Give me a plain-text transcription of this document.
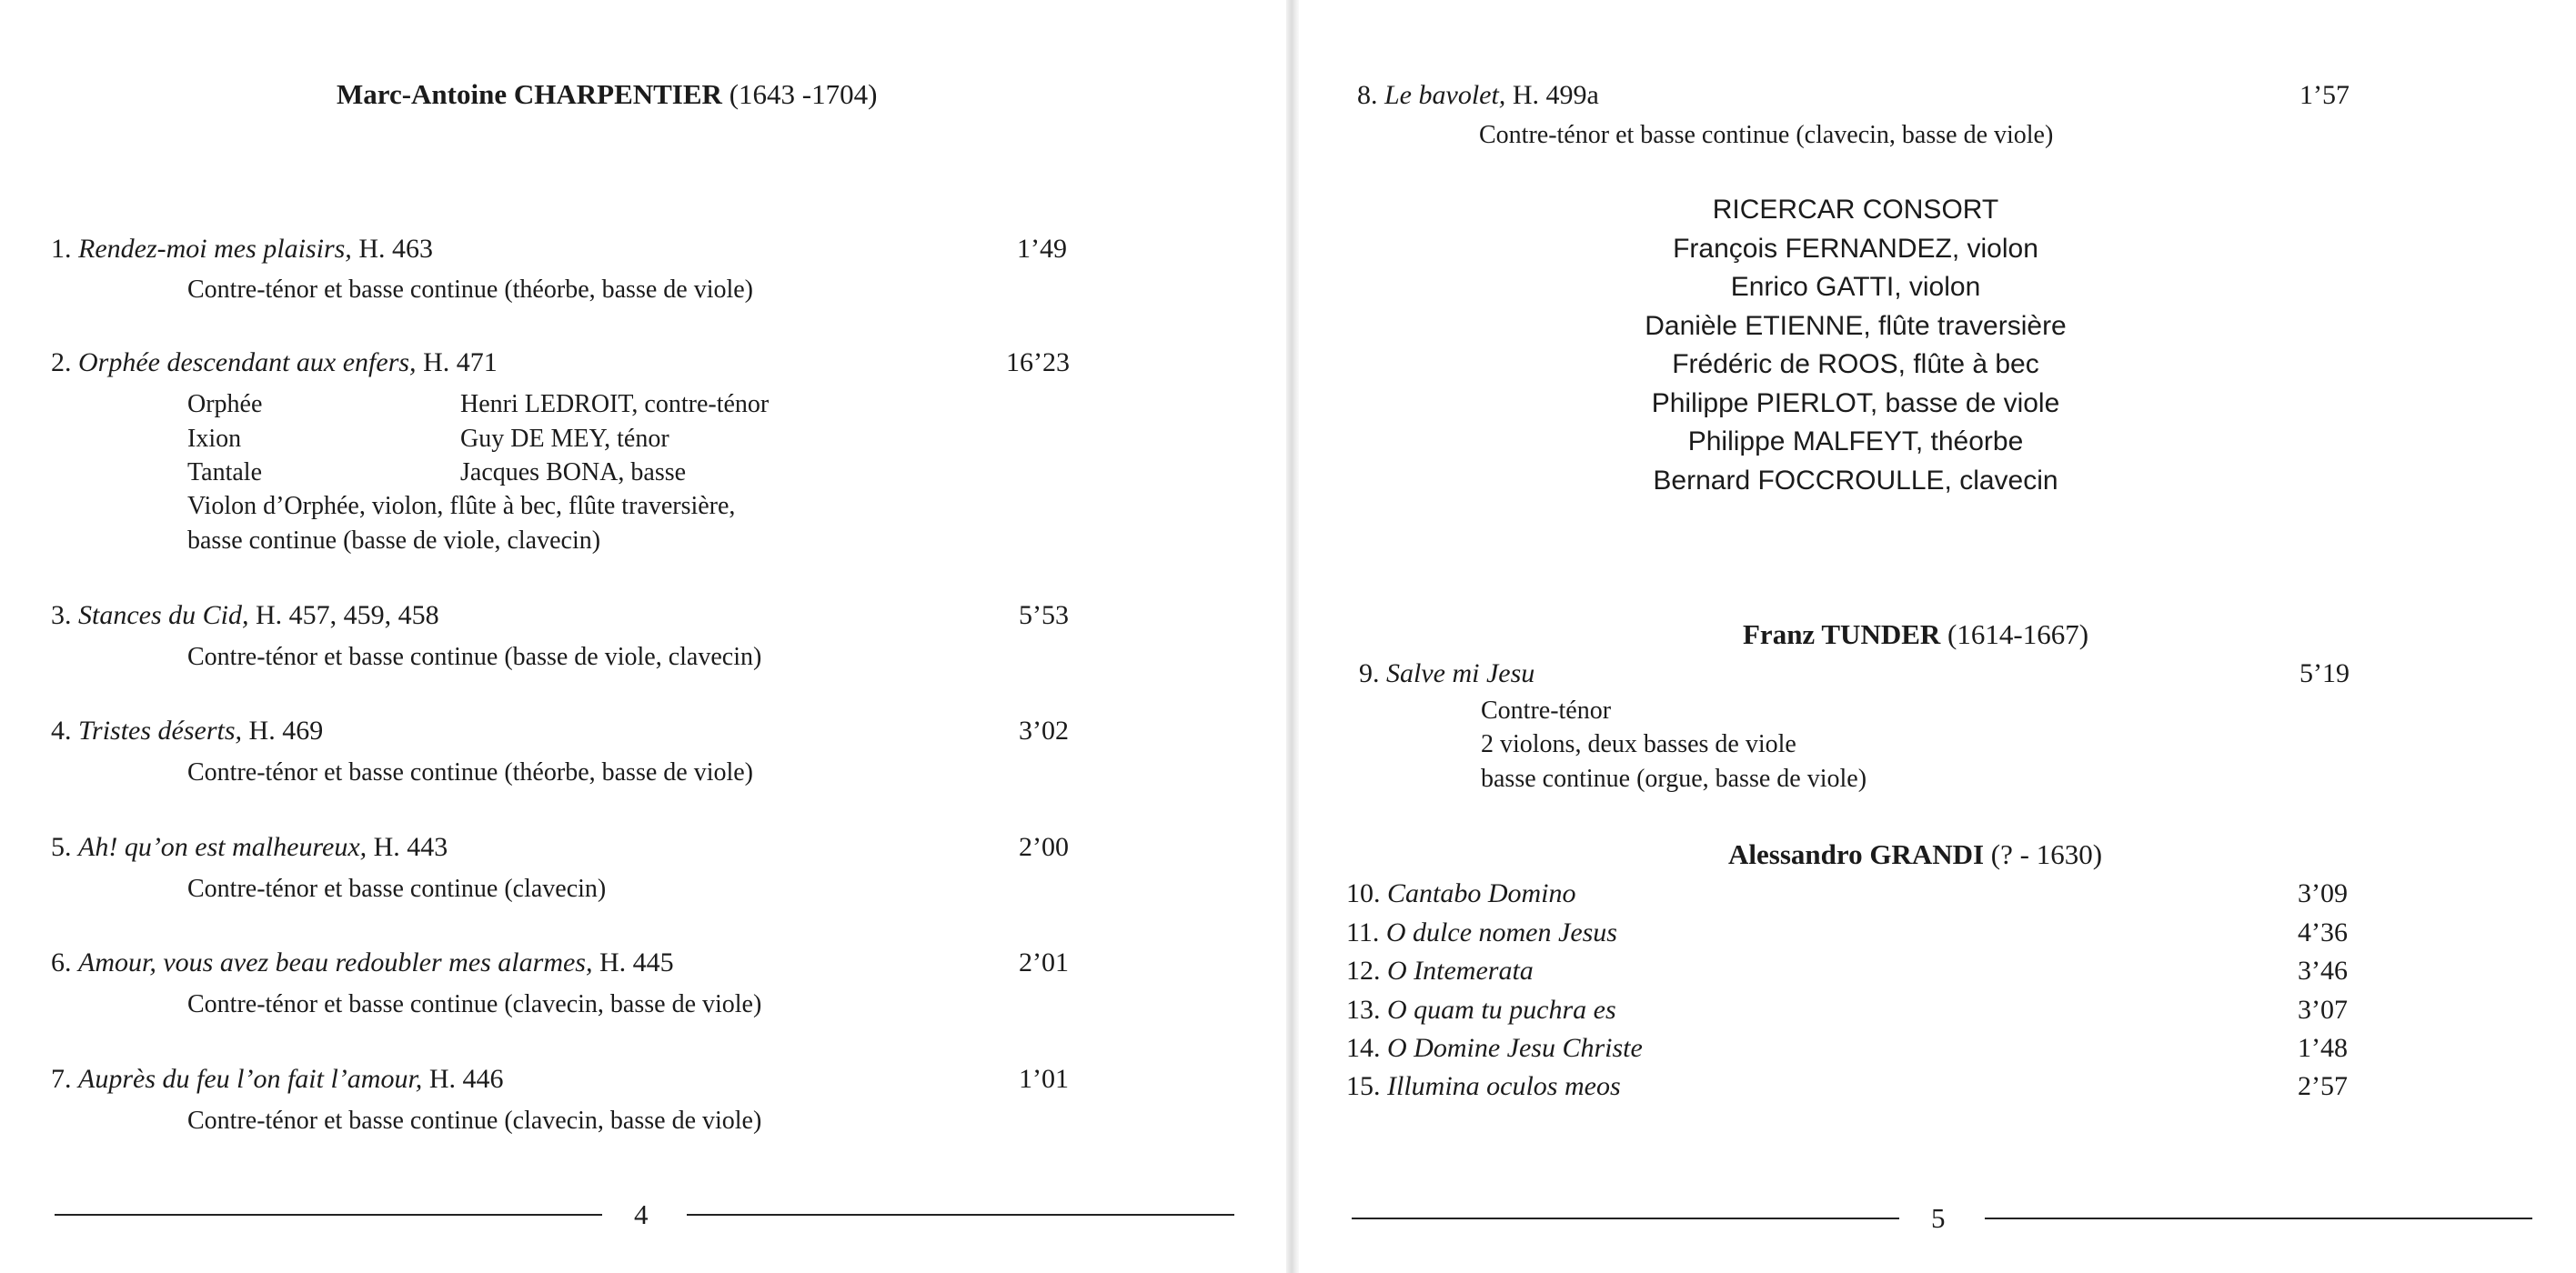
Marc-Antoine CHARPENTIER (1643 -1704)
1. Rendez-moi mes plaisirs, H. 463	1’49
Contre-ténor et basse continue (théorbe, basse de viole)
2. Orphée descendant aux enfers, H. 471	16’23
Orphée	Henri LEDROIT, contre-ténor
Ixion	Guy DE MEY, ténor
Tantale	Jacques BONA, basse
Violon d’Orphée, violon, flûte à bec, flûte traversière,
basse continue (basse de viole, clavecin)
3. Stances du Cid, H. 457, 459, 458	5’53
Contre-ténor et basse continue (basse de viole, clavecin)
4. Tristes déserts, H. 469	3’02
Contre-ténor et basse continue (théorbe, basse de viole)
5. Ah! qu’on est malheureux, H. 443	2’00
Contre-ténor et basse continue (clavecin)
6. Amour, vous avez beau redoubler mes alarmes, H. 445	2’01
Contre-ténor et basse continue (clavecin, basse de viole)
7. Auprès du feu l’on fait l’amour, H. 446	1’01
Contre-ténor et basse continue (clavecin, basse de viole)
4
8. Le bavolet, H. 499a	1’57
Contre-ténor et basse continue (clavecin, basse de viole)
RICERCAR CONSORT
François FERNANDEZ, violon
Enrico GATTI, violon
Danièle ETIENNE, flûte traversière
Frédéric de ROOS, flûte à bec
Philippe PIERLOT, basse de viole
Philippe MALFEYT, théorbe
Bernard FOCCROULLE, clavecin
Franz TUNDER (1614-1667)
9. Salve mi Jesu	5’19
Contre-ténor
2 violons, deux basses de viole
basse continue (orgue, basse de viole)
Alessandro GRANDI (? - 1630)
10. Cantabo Domino	3’09
11. O dulce nomen Jesus	4’36
12. O Intemerata	3’46
13. O quam tu puchra es	3’07
14. O Domine Jesu Christe	1’48
15. Illumina oculos meos	2’57
5
